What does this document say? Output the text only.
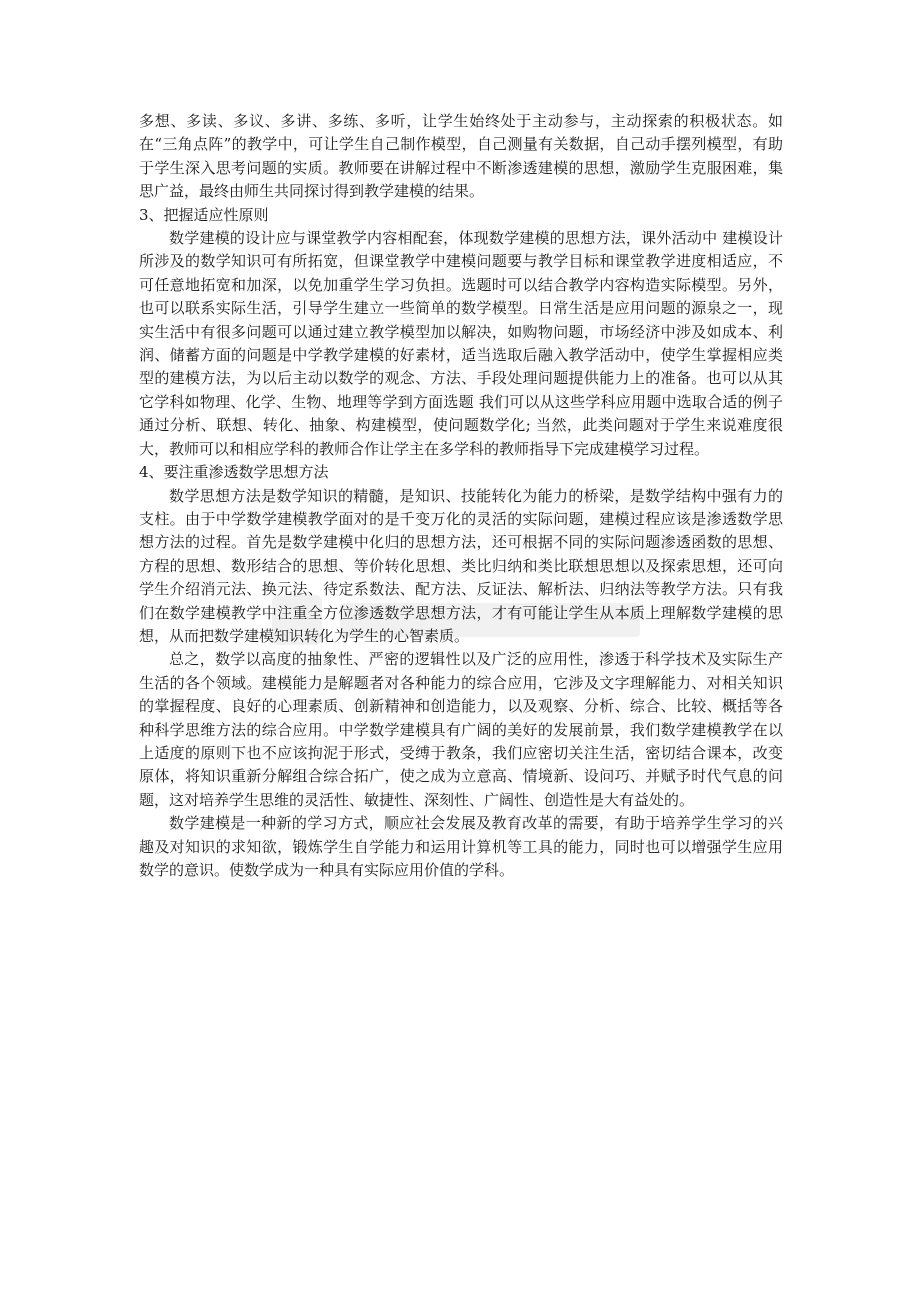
多想、多读、多议、多讲、多练、多听，让学生始终处于主动参与，主动探索的积极状态。如在“三角点阵”的教学中，可让学生自己制作模型，自己测量有关数据，自己动手摆列模型，有助于学生深入思考问题的实质。教师要在讲解过程中不断渗透建模的思想，激励学生克服困难，集思广益，最终由师生共同探讨得到教学建模的结果。

3、把握适应性原则

数学建模的设计应与课堂教学内容相配套，体现数学建模的思想方法，课外活动中 建模设计所涉及的数学知识可有所拓宽，但课堂教学中建模问题要与教学目标和课堂教学进度相适应，不可任意地拓宽和加深，以免加重学生学习负担。选题时可以结合教学内容构造实际模型。另外，也可以联系实际生活，引导学生建立一些简单的数学模型。日常生活是应用问题的源泉之一，现实生活中有很多问题可以通过建立教学模型加以解决，如购物问题，市场经济中涉及如成本、利润、储蓄方面的问题是中学教学建模的好素材，适当选取后融入教学活动中，使学生掌握相应类型的建模方法，为以后主动以数学的观念、方法、手段处理问题提供能力上的准备。也可以从其它学科如物理、化学、生物、地理等学到方面选题 我们可以从这些学科应用题中选取合适的例子通过分析、联想、转化、抽象、构建模型，使问题数学化; 当然，此类问题对于学生来说难度很大，教师可以和相应学科的教师合作让学主在多学科的教师指导下完成建模学习过程。

4、要注重渗透数学思想方法

数学思想方法是数学知识的精髓，是知识、技能转化为能力的桥梁，是数学结构中强有力的支柱。由于中学数学建模教学面对的是千变万化的灵活的实际问题，建模过程应该是渗透数学思想方法的过程。首先是数学建模中化归的思想方法，还可根据不同的实际问题渗透函数的思想、方程的思想、数形结合的思想、等价转化思想、类比归纳和类比联想思想以及探索思想，还可向学生介绍消元法、换元法、待定系数法、配方法、反证法、解析法、归纳法等教学方法。只有我们在数学建模教学中注重全方位渗透数学思想方法，才有可能让学生从本质上理解数学建模的思想，从而把数学建模知识转化为学生的心智素质。

总之，数学以高度的抽象性、严密的逻辑性以及广泛的应用性，渗透于科学技术及实际生产生活的各个领域。建模能力是解题者对各种能力的综合应用，它涉及文字理解能力、对相关知识的掌握程度、良好的心理素质、创新精神和创造能力，以及观察、分析、综合、比较、概括等各种科学思维方法的综合应用。中学数学建模具有广阔的美好的发展前景，我们数学建模教学在以上适度的原则下也不应该拘泥于形式，受缚于教条，我们应密切关注生活，密切结合课本，改变原体，将知识重新分解组合综合拓广，使之成为立意高、情境新、设问巧、并赋予时代气息的问题，这对培养学生思维的灵活性、敏捷性、深刻性、广阔性、创造性是大有益处的。

数学建模是一种新的学习方式，顺应社会发展及教育改革的需要，有助于培养学生学习的兴趣及对知识的求知欲，锻炼学生自学能力和运用计算机等工具的能力，同时也可以增强学生应用数学的意识。使数学成为一种具有实际应用价值的学科。
